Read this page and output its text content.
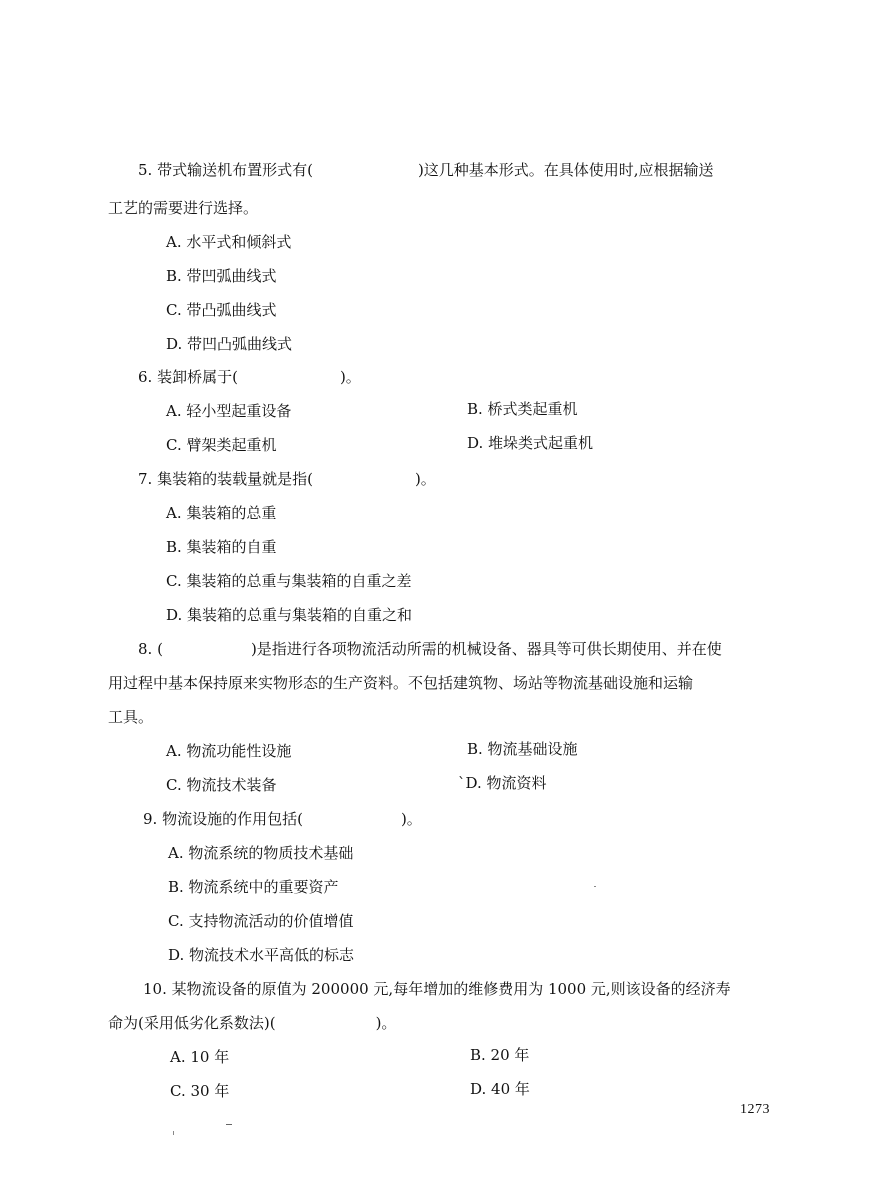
5. 带式输送机布置形式有(	)这几种基本形式。在具体使用时,应根据输送
工艺的需要进行选择。
A. 水平式和倾斜式
B. 带凹弧曲线式
C. 带凸弧曲线式
D. 带凹凸弧曲线式
6. 装卸桥属于(	)。
A. 轻小型起重设备	B. 桥式类起重机
C. 臂架类起重机	D. 堆垛类式起重机
7. 集装箱的装载量就是指(	)。
A. 集装箱的总重
B. 集装箱的自重
C. 集装箱的总重与集装箱的自重之差
D. 集装箱的总重与集装箱的自重之和
8. (	)是指进行各项物流活动所需的机械设备、器具等可供长期使用、并在使
用过程中基本保持原来实物形态的生产资料。不包括建筑物、场站等物流基础设施和运输
工具。
A. 物流功能性设施	B. 物流基础设施
C. 物流技术装备	`D. 物流资料
9. 物流设施的作用包括(	)。
A. 物流系统的物质技术基础
B. 物流系统中的重要资产
C. 支持物流活动的价值增值
D. 物流技术水平高低的标志
10. 某物流设备的原值为 200000 元,每年增加的维修费用为 1000 元,则该设备的经济寿
命为(采用低劣化系数法)(	)。
A. 10 年	B. 20 年
C. 30 年	D. 40 年
1273
